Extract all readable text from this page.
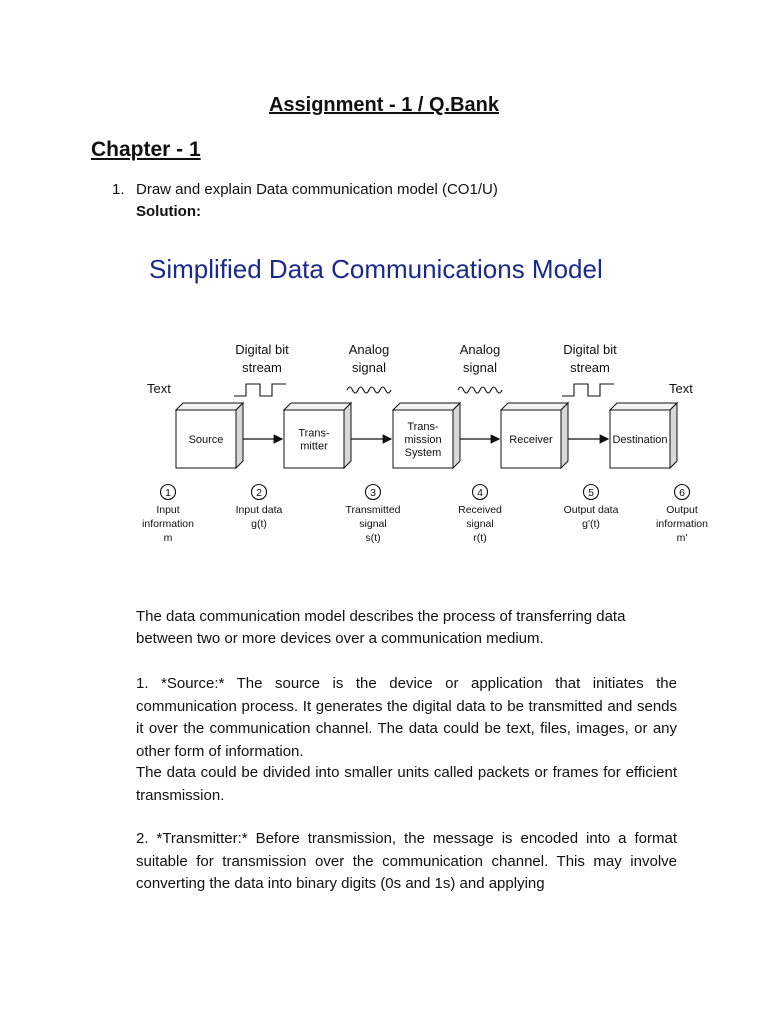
Assignment - 1 / Q.Bank
Chapter - 1
1. Draw and explain Data communication model (CO1/U)
Solution:
Simplified Data Communications Model
Text	Text
Digital bit
stream
Analog
signal
Analog
signal
Digital bit
stream
Source
Trans-
mitter
Trans-
mission
System
Receiver	Destination
1
Input
information
m
2
Input data
g(t)
3
Transmitted
signal
s(t)
4
Received
signal
r(t)
5
Output data
g'(t)
6
Output
information
m'

The data communication model describes the process of transferring data

between two or more devices over a communication medium.

1. *Source:* The source is the device or application that initiates the communication process. It generates the digital data to be transmitted and sends it over the communication channel. The data could be text, files, images, or any other form of information.

The data could be divided into smaller units called packets or frames for efficient transmission.

2. *Transmitter:* Before transmission, the message is encoded into a format suitable for transmission over the communication channel. This may involve converting the data into binary digits (0s and 1s) and applying
